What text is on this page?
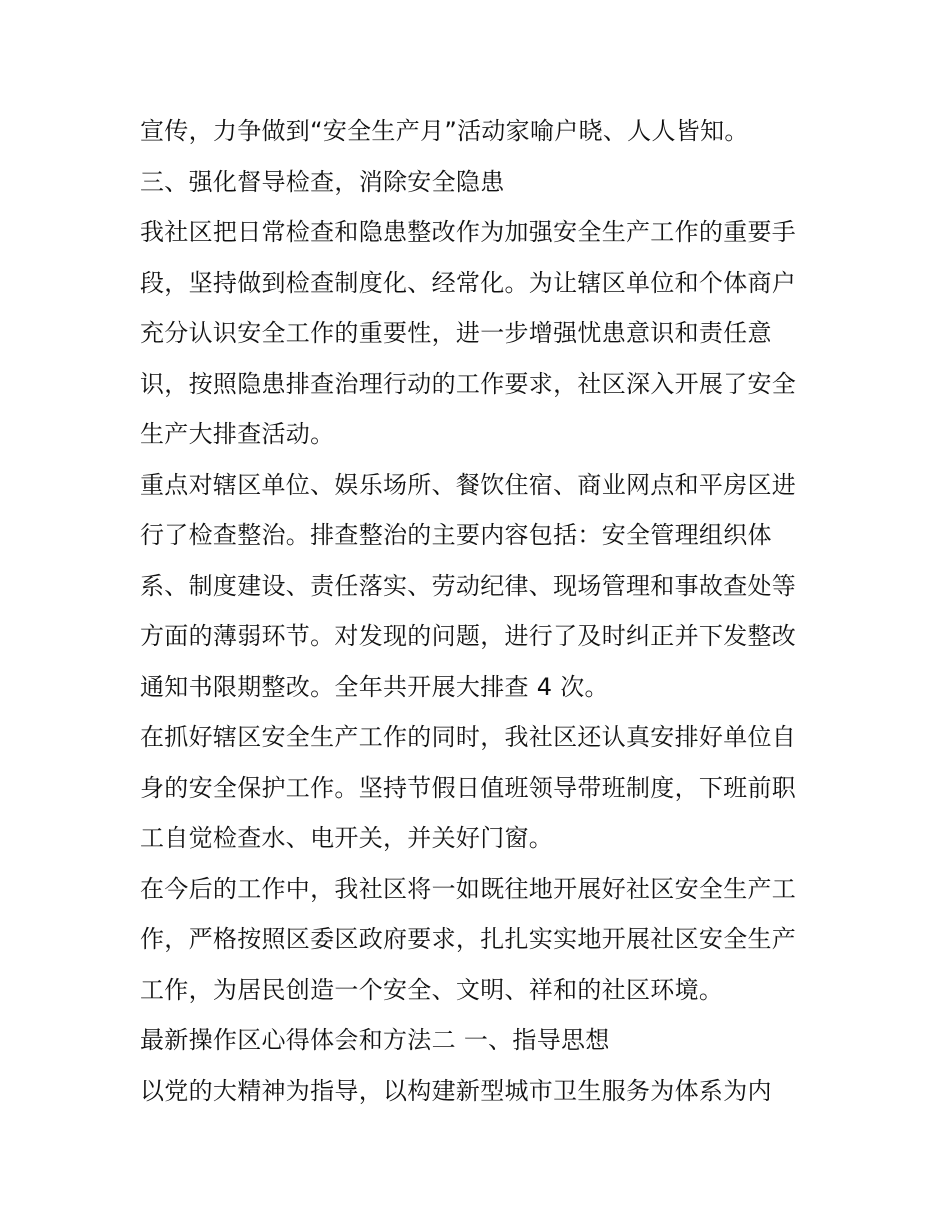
宣传，力争做到“安全生产月”活动家喻户晓、人人皆知。
三、强化督导检查，消除安全隐患
我社区把日常检查和隐患整改作为加强安全生产工作的重要手
段，坚持做到检查制度化、经常化。为让辖区单位和个体商户
充分认识安全工作的重要性，进一步增强忧患意识和责任意
识，按照隐患排查治理行动的工作要求，社区深入开展了安全
生产大排查活动。
重点对辖区单位、娱乐场所、餐饮住宿、商业网点和平房区进
行了检查整治。排查整治的主要内容包括：安全管理组织体
系、制度建设、责任落实、劳动纪律、现场管理和事故查处等
方面的薄弱环节。对发现的问题，进行了及时纠正并下发整改
通知书限期整改。全年共开展大排查 4 次。
在抓好辖区安全生产工作的同时，我社区还认真安排好单位自
身的安全保护工作。坚持节假日值班领导带班制度，下班前职
工自觉检查水、电开关，并关好门窗。
在今后的工作中，我社区将一如既往地开展好社区安全生产工
作，严格按照区委区政府要求，扎扎实实地开展社区安全生产
工作，为居民创造一个安全、文明、祥和的社区环境。
最新操作区心得体会和方法二 一、指导思想
以党的大精神为指导，以构建新型城市卫生服务为体系为内
